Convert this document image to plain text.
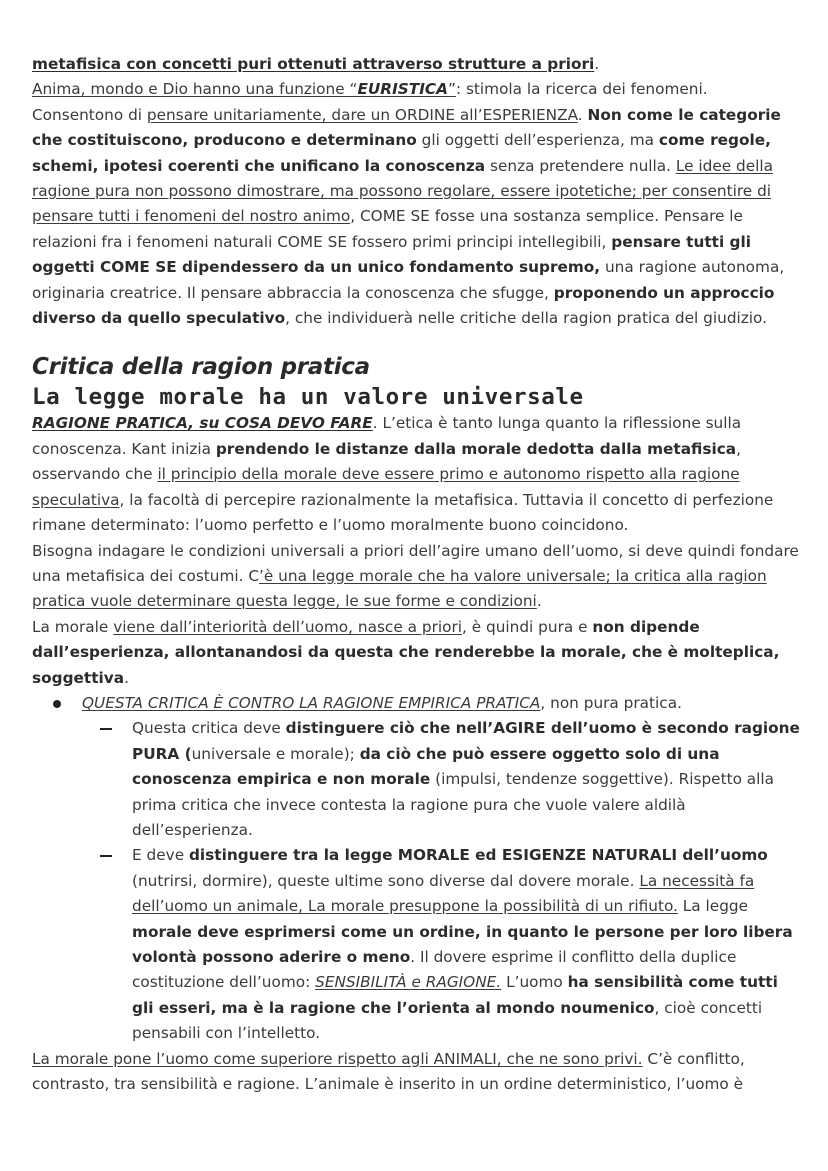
metafisica con concetti puri ottenuti attraverso strutture a priori.

Anima, mondo e Dio hanno una funzione “EURISTICA”: stimola la ricerca dei fenomeni.
Consentono di pensare unitariamente, dare un ORDINE all’ESPERIENZA. Non come le categorie che costituiscono, producono e determinano gli oggetti dell’esperienza, ma come regole, schemi, ipotesi coerenti che unificano la conoscenza senza pretendere nulla. Le idee della ragione pura non possono dimostrare, ma possono regolare, essere ipotetiche; per consentire di pensare tutti i fenomeni del nostro animo, COME SE fosse una sostanza semplice. Pensare le relazioni fra i fenomeni naturali COME SE fossero primi principi intellegibili, pensare tutti gli oggetti COME SE dipendessero da un unico fondamento supremo, una ragione autonoma, originaria creatrice. Il pensare abbraccia la conoscenza che sfugge, proponendo un approccio diverso da quello speculativo, che individuerà nelle critiche della ragion pratica del giudizio.

Critica della ragion pratica
La legge morale ha un valore universale

RAGIONE PRATICA, su COSA DEVO FARE. L’etica è tanto lunga quanto la riflessione sulla conoscenza. Kant inizia prendendo le distanze dalla morale dedotta dalla metafisica, osservando che il principio della morale deve essere primo e autonomo rispetto alla ragione speculativa, la facoltà di percepire razionalmente la metafisica. Tuttavia il concetto di perfezione rimane determinato: l’uomo perfetto e l’uomo moralmente buono coincidono.

Bisogna indagare le condizioni universali a priori dell’agire umano dell’uomo, si deve quindi fondare una metafisica dei costumi. C’è una legge morale che ha valore universale; la critica alla ragion pratica vuole determinare questa legge, le sue forme e condizioni.

La morale viene dall’interiorità dell’uomo, nasce a priori, è quindi pura e non dipende dall’esperienza, allontanandosi da questa che renderebbe la morale, che è molteplica, soggettiva.

QUESTA CRITICA È CONTRO LA RAGIONE EMPIRICA PRATICA, non pura pratica.
Questa critica deve distinguere ciò che nell’AGIRE dell’uomo è secondo ragione PURA (universale e morale); da ciò che può essere oggetto solo di una conoscenza empirica e non morale (impulsi, tendenze soggettive). Rispetto alla prima critica che invece contesta la ragione pura che vuole valere aldilà dell’esperienza.
E deve distinguere tra la legge MORALE ed ESIGENZE NATURALI dell’uomo (nutrirsi, dormire), queste ultime sono diverse dal dovere morale. La necessità fa dell’uomo un animale, La morale presuppone la possibilità di un rifiuto. La legge morale deve esprimersi come un ordine, in quanto le persone per loro libera volontà possono aderire o meno. Il dovere esprime il conflitto della duplice costituzione dell’uomo: SENSIBILITÀ e RAGIONE. L’uomo ha sensibilità come tutti gli esseri, ma è la ragione che l’orienta al mondo noumenico, cioè concetti pensabili con l’intelletto.

La morale pone l’uomo come superiore rispetto agli ANIMALI, che ne sono privi. C’è conflitto, contrasto, tra sensibilità e ragione. L’animale è inserito in un ordine deterministico, l’uomo è
